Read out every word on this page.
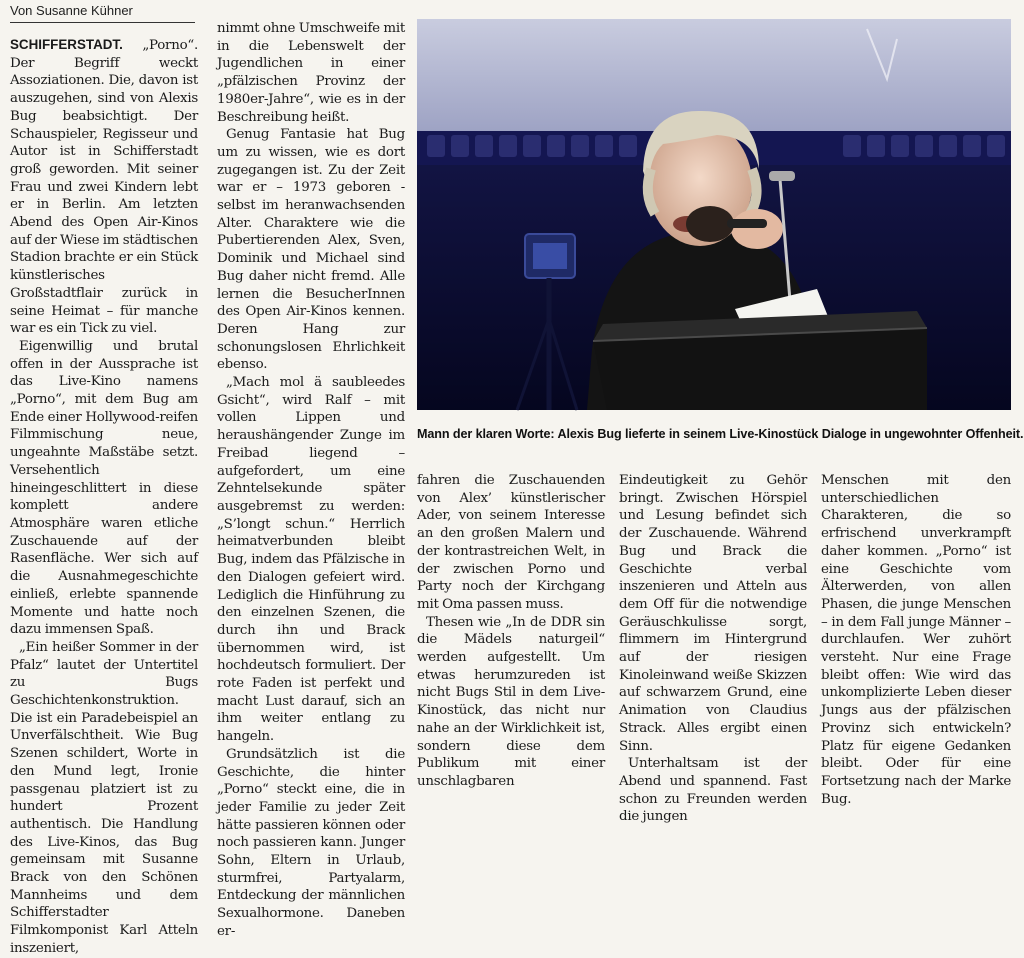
Von Susanne Kühner

SCHIFFERSTADT. „Porno“. Der Begriff weckt Assoziationen. Die, davon ist auszugehen, sind von Alexis Bug beabsichtigt. Der Schauspieler, Regisseur und Autor ist in Schifferstadt groß geworden. Mit seiner Frau und zwei Kindern lebt er in Berlin. Am letzten Abend des Open Air-Kinos auf der Wiese im städtischen Stadion brachte er ein Stück künstlerisches Großstadtflair zurück in seine Heimat – für manche war es ein Tick zu viel.

Eigenwillig und brutal offen in der Aussprache ist das Live-Kino namens „Porno“, mit dem Bug am Ende einer Hollywood-reifen Filmmischung neue, ungeahnte Maßstäbe setzt. Versehentlich hineingeschlittert in diese komplett andere Atmosphäre waren etliche Zuschauende auf der Rasenfläche. Wer sich auf die Ausnahmegeschichte einließ, erlebte spannende Momente und hatte noch dazu immensen Spaß.

„Ein heißer Sommer in der Pfalz“ lautet der Untertitel zu Bugs Geschichtenkonstruktion. Die ist ein Paradebeispiel an Unverfälschtheit. Wie Bug Szenen schildert, Worte in den Mund legt, Ironie passgenau platziert ist zu hundert Prozent authentisch. Die Handlung des Live-Kinos, das Bug gemeinsam mit Susanne Brack von den Schönen Mannheims und dem Schifferstadter Filmkomponist Karl Atteln inszeniert,

nimmt ohne Umschweife mit in die Lebenswelt der Jugendlichen in einer „pfälzischen Provinz der 1980er-Jahre“, wie es in der Beschreibung heißt.

Genug Fantasie hat Bug um zu wissen, wie es dort zugegangen ist. Zu der Zeit war er – 1973 geboren - selbst im heranwachsenden Alter. Charaktere wie die Pubertierenden Alex, Sven, Dominik und Michael sind Bug daher nicht fremd. Alle lernen die BesucherInnen des Open Air-Kinos kennen. Deren Hang zur schonungslosen Ehrlichkeit ebenso.

„Mach mol ä saubleedes Gsicht“, wird Ralf – mit vollen Lippen und heraushängender Zunge im Freibad liegend – aufgefordert, um eine Zehntelsekunde später ausgebremst zu werden: „S’longt schun.“ Herrlich heimatverbunden bleibt Bug, indem das Pfälzische in den Dialogen gefeiert wird. Lediglich die Hinführung zu den einzelnen Szenen, die durch ihn und Brack übernommen wird, ist hochdeutsch formuliert. Der rote Faden ist perfekt und macht Lust darauf, sich an ihm weiter entlang zu hangeln.

Grundsätzlich ist die Geschichte, die hinter „Porno“ steckt eine, die in jeder Familie zu jeder Zeit hätte passieren können oder noch passieren kann. Junger Sohn, Eltern in Urlaub, sturmfrei, Partyalarm, Entdeckung der männlichen Sexualhormone. Daneben er-

Mann der klaren Worte: Alexis Bug lieferte in seinem Live-Kinostück Dialoge in ungewohnter Offenheit.

fahren die Zuschauenden von Alex’ künstlerischer Ader, von seinem Interesse an den großen Malern und der kontrastreichen Welt, in der zwischen Porno und Party noch der Kirchgang mit Oma passen muss.

Thesen wie „In de DDR sin die Mädels naturgeil“ werden aufgestellt. Um etwas herumzureden ist nicht Bugs Stil in dem Live-Kinostück, das nicht nur nahe an der Wirklichkeit ist, sondern diese dem Publikum mit einer unschlagbaren

Eindeutigkeit zu Gehör bringt. Zwischen Hörspiel und Lesung befindet sich der Zuschauende. Während Bug und Brack die Geschichte verbal inszenieren und Atteln aus dem Off für die notwendige Geräuschkulisse sorgt, flimmern im Hintergrund auf der riesigen Kinoleinwand weiße Skizzen auf schwarzem Grund, eine Animation von Claudius Strack. Alles ergibt einen Sinn.

Unterhaltsam ist der Abend und spannend. Fast schon zu Freunden werden die jungen

Menschen mit den unterschiedlichen Charakteren, die so erfrischend unverkrampft daher kommen. „Porno“ ist eine Geschichte vom Älterwerden, von allen Phasen, die junge Menschen – in dem Fall junge Männer – durchlaufen. Wer zuhört versteht. Nur eine Frage bleibt offen: Wie wird das unkomplizierte Leben dieser Jungs aus der pfälzischen Provinz sich entwickeln? Platz für eigene Gedanken bleibt. Oder für eine Fortsetzung nach der Marke Bug.
